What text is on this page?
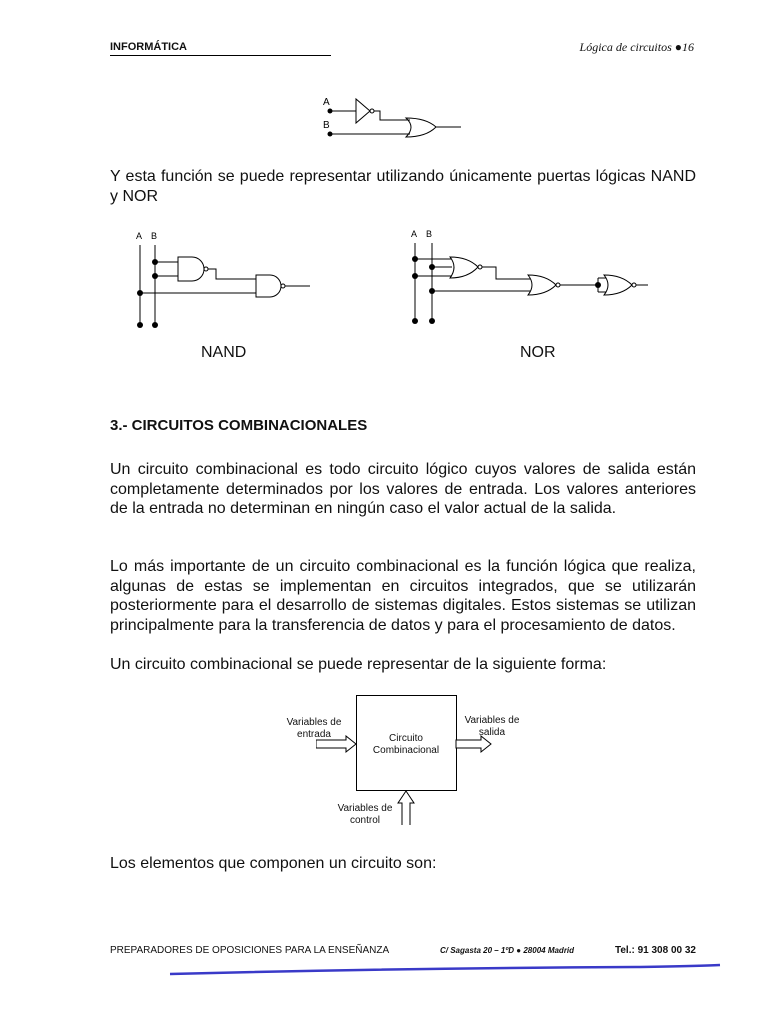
INFORMÁTICA	Lógica de circuitos ●16
A
B
Y esta función se puede representar utilizando únicamente puertas lógicas NAND y NOR
A B	A B
NAND	NOR
3.- CIRCUITOS COMBINACIONALES
Un circuito combinacional es todo circuito lógico cuyos valores de salida están completamente determinados por los valores de entrada. Los valores anteriores de la entrada no determinan en ningún caso el valor actual de la salida.
Lo más importante de un circuito combinacional es la función lógica que realiza, algunas de estas se implementan en circuitos integrados, que se utilizarán posteriormente para el desarrollo de sistemas digitales. Estos sistemas se utilizan principalmente para la transferencia de datos y para el procesamiento de datos.
Un circuito combinacional se puede representar de la siguiente forma:
Variables de entrada
Variables de salida
Variables de control
Circuito Combinacional
Los elementos que componen un circuito son:
PREPARADORES DE OPOSICIONES PARA LA ENSEÑANZA	C/ Sagasta 20 – 1ºD ● 28004 Madrid	Tel.: 91 308 00 32
